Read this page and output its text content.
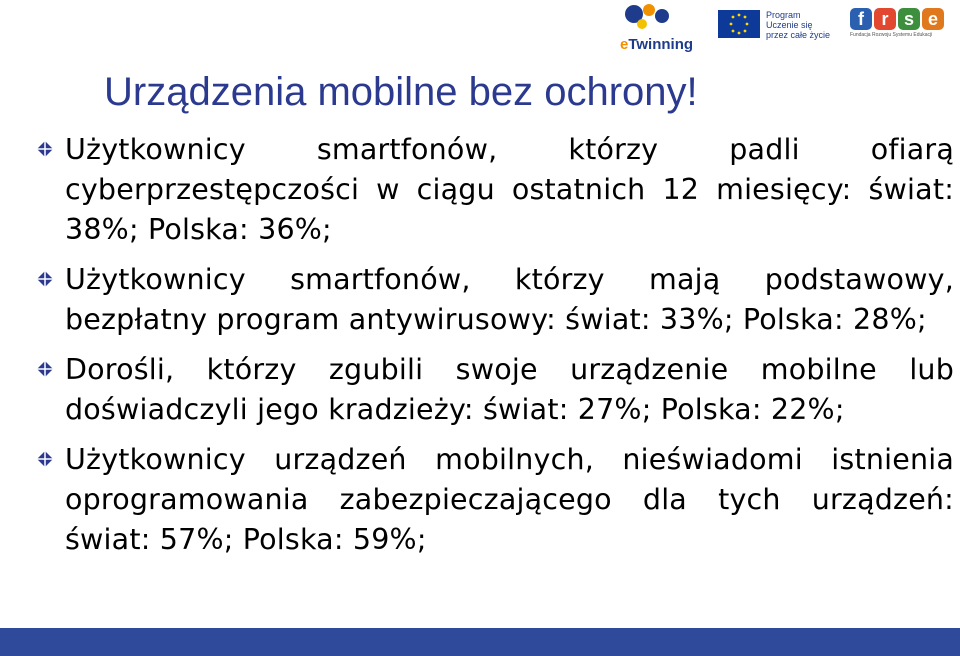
eTwinning
Program
Uczenie się
przez całe życie
f r s e
Fundacja Rozwoju Systemu Edukacji
Urządzenia mobilne bez ochrony!
Użytkownicy smartfonów, którzy padli ofiarą cyberprzestępczości w ciągu ostatnich 12 miesięcy: świat: 38%; Polska: 36%;
Użytkownicy smartfonów, którzy mają podstawowy, bezpłatny program antywirusowy: świat: 33%; Polska: 28%;
Dorośli, którzy zgubili swoje urządzenie mobilne lub doświadczyli jego kradzieży: świat: 27%; Polska: 22%;
Użytkownicy urządzeń mobilnych, nieświadomi istnienia oprogramowania zabezpieczającego dla tych urządzeń: świat: 57%; Polska: 59%;
